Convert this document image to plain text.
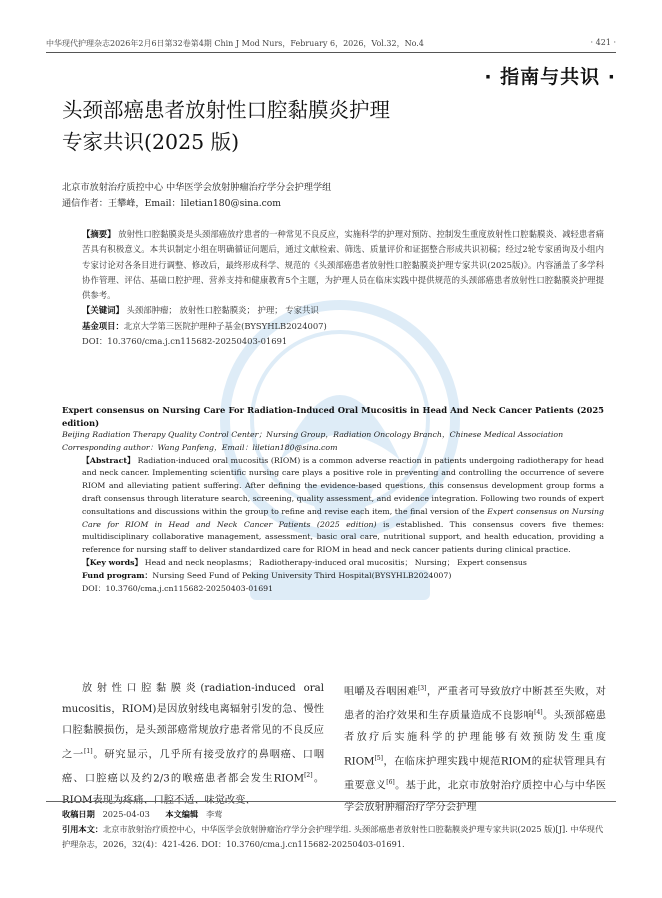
中华现代护理杂志2026年2月6日第32卷第4期 Chin J Mod Nurs，February 6，2026，Vol.32，No.4	· 421 ·
· 指南与共识 ·
头颈部癌患者放射性口腔黏膜炎护理
专家共识(2025 版)
北京市放射治疗质控中心 中华医学会放射肿瘤治疗学分会护理学组
通信作者：王攀峰，Email：liletian180@sina.com

【摘要】 放射性口腔黏膜炎是头颈部癌放疗患者的一种常见不良反应，实施科学的护理对预防、控制发生重度放射性口腔黏膜炎、减轻患者痛苦具有积极意义。本共识制定小组在明确循证问题后，通过文献检索、筛选、质量评价和证据整合形成共识初稿；经过2轮专家函询及小组内专家讨论对各条目进行调整、修改后，最终形成科学、规范的《头颈部癌患者放射性口腔黏膜炎护理专家共识(2025版)》。内容涵盖了多学科协作管理、评估、基础口腔护理、营养支持和健康教育5个主题，为护理人员在临床实践中提供规范的头颈部癌患者放射性口腔黏膜炎护理提供参考。

【关键词】 头颈部肿瘤； 放射性口腔黏膜炎； 护理； 专家共识

基金项目：北京大学第三医院护理种子基金(BYSYHLB2024007)

DOI：10.3760/cma.j.cn115682-20250403-01691

Expert consensus on Nursing Care For Radiation-Induced Oral Mucositis in Head And Neck Cancer Patients (2025 edition)

Beijing Radiation Therapy Quality Control Center；Nursing Group，Radiation Oncology Branch，Chinese Medical Association

Corresponding author：Wang Panfeng，Email：liletian180@sina.com

【Abstract】 Radiation-induced oral mucositis (RIOM) is a common adverse reaction in patients undergoing radiotherapy for head and neck cancer. Implementing scientific nursing care plays a positive role in preventing and controlling the occurrence of severe RIOM and alleviating patient suffering. After defining the evidence-based questions, this consensus development group forms a draft consensus through literature search, screening, quality assessment, and evidence integration. Following two rounds of expert consultations and discussions within the group to refine and revise each item, the final version of the Expert consensus on Nursing Care for RIOM in Head and Neck Cancer Patients (2025 edition) is established. This consensus covers five themes: multidisciplinary collaborative management, assessment, basic oral care, nutritional support, and health education, providing a reference for nursing staff to deliver standardized care for RIOM in head and neck cancer patients during clinical practice.

【Key words】 Head and neck neoplasms； Radiotherapy-induced oral mucositis； Nursing； Expert consensus

Fund program：Nursing Seed Fund of Peking University Third Hospital(BYSYHLB2024007)

DOI：10.3760/cma.j.cn115682-20250403-01691

放射性口腔黏膜炎(radiation-induced oral mucositis，RIOM)是因放射线电离辐射引发的急、慢性口腔黏膜损伤，是头颈部癌常规放疗患者常见的不良反应之一[1]。研究显示，几乎所有接受放疗的鼻咽癌、口咽癌、口腔癌以及约2/3的喉癌患者都会发生RIOM[2]。RIOM表现为疼痛、口腔不适、味觉改变、

咀嚼及吞咽困难[3]，严重者可导致放疗中断甚至失败，对患者的治疗效果和生存质量造成不良影响[4]。头颈部癌患者放疗后实施科学的护理能够有效预防发生重度RIOM[5]，在临床护理实践中规范RIOM的症状管理具有重要意义[6]。基于此，北京市放射治疗质控中心与中华医学会放射肿瘤治疗学分会护理

收稿日期 2025-04-03 本文编辑 李莺

引用本文：北京市放射治疗质控中心，中华医学会放射肿瘤治疗学分会护理学组. 头颈部癌患者放射性口腔黏膜炎护理专家共识(2025 版)[J]. 中华现代护理杂志，2026，32(4)：421-426. DOI：10.3760/cma.j.cn115682-20250403-01691.
